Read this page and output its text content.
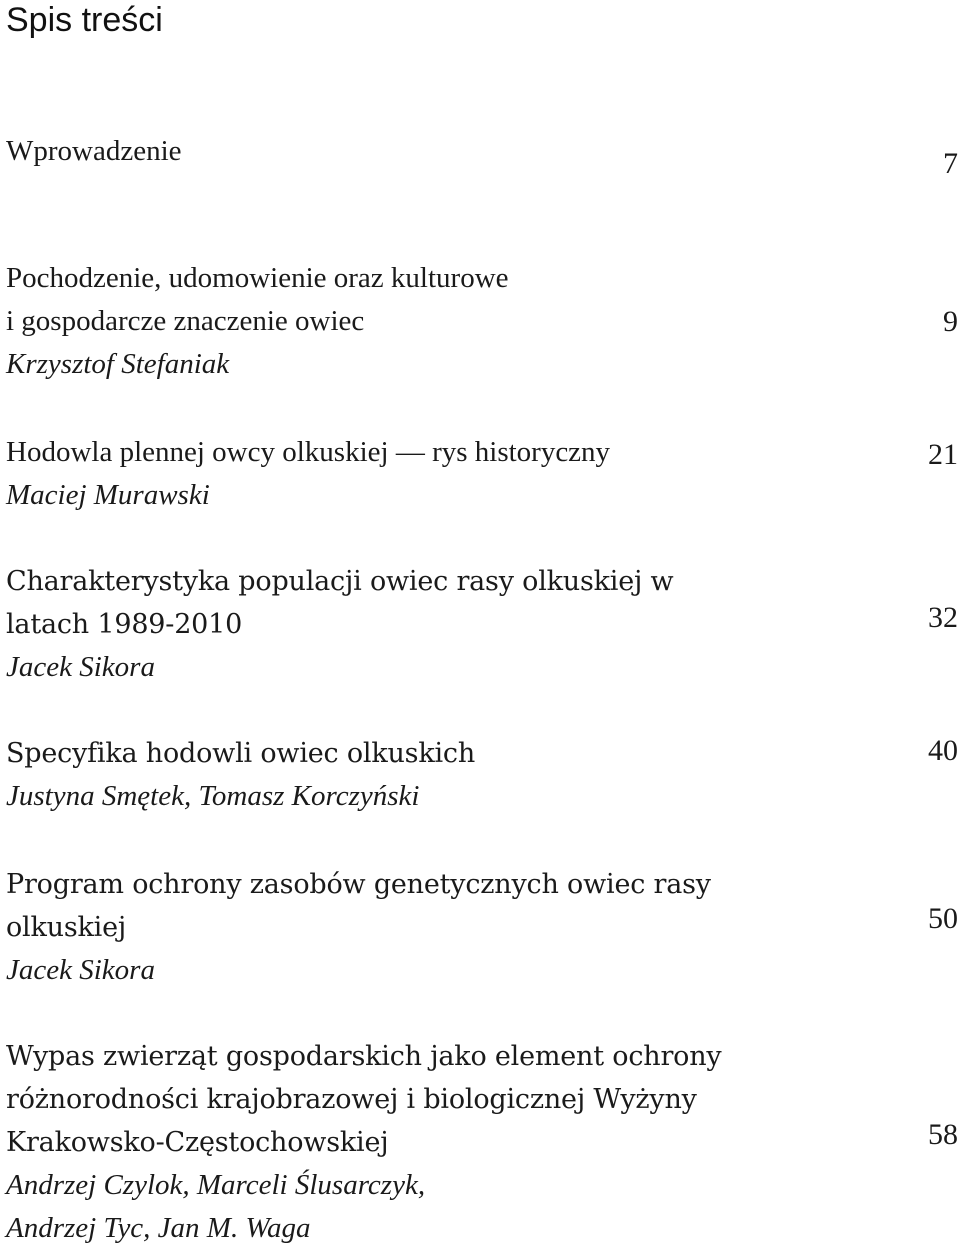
Spis treści
Wprowadzenie	7
Pochodzenie, udomowienie oraz kulturowe
i gospodarcze znaczenie owiec
Krzysztof Stefaniak
9
Hodowla plennej owcy olkuskiej — rys historyczny
Maciej Murawski
21
Charakterystyka populacji owiec rasy olkuskiej w
latach 1989-2010
Jacek Sikora
32
Specyfika hodowli owiec olkuskich
Justyna Smętek, Tomasz Korczyński
40
Program ochrony zasobów genetycznych owiec rasy
olkuskiej
Jacek Sikora
50
Wypas zwierząt gospodarskich jako element ochrony
różnorodności krajobrazowej i biologicznej Wyżyny
Krakowsko-Częstochowskiej
Andrzej Czylok, Marceli Ślusarczyk,
Andrzej Tyc, Jan M. Waga
58
